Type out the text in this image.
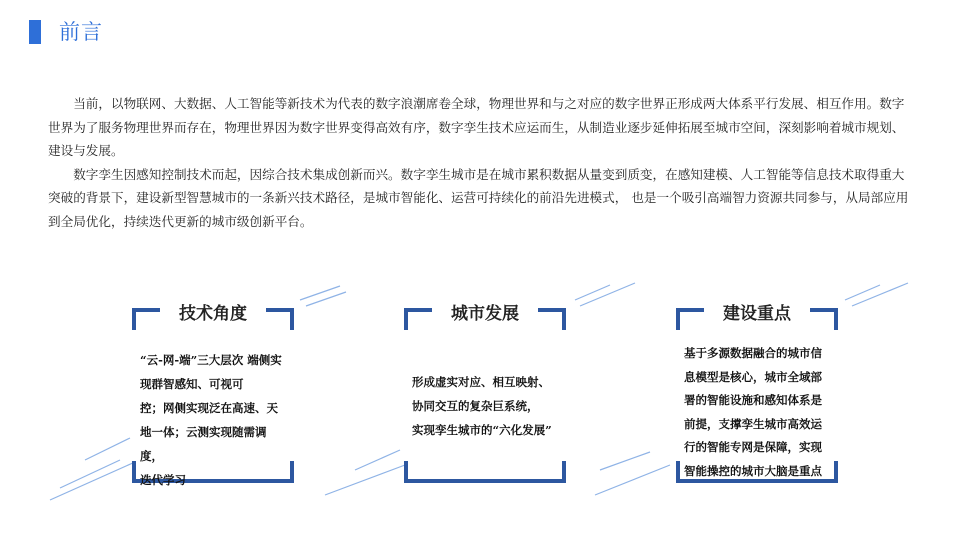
前言

当前，以物联网、大数据、人工智能等新技术为代表的数字浪潮席卷全球，物理世界和与之对应的数字世界正形成两大体系平行发展、相互作用。数字世界为了服务物理世界而存在，物理世界因为数字世界变得高效有序，数字孪生技术应运而生，从制造业逐步延伸拓展至城市空间，深刻影响着城市规划、建设与发展。

数字孪生因感知控制技术而起，因综合技术集成创新而兴。数字孪生城市是在城市累积数据从量变到质变，在感知建模、人工智能等信息技术取得重大突破的背景下，建设新型智慧城市的一条新兴技术路径，是城市智能化、运营可持续化的前沿先进模式， 也是一个吸引高端智力资源共同参与，从局部应用到全局优化，持续迭代更新的城市级创新平台。

技术角度
“云-网-端”三大层次 端侧实
现群智感知、可视可
控；网侧实现泛在高速、天
地一体；云测实现随需调度，
迭代学习
城市发展
形成虚实对应、相互映射、
协同交互的复杂巨系统，
实现孪生城市的“六化发展”
建设重点
基于多源数据融合的城市信
息模型是核心，城市全域部
署的智能设施和感知体系是
前提，支撑孪生城市高效运
行的智能专网是保障，实现
智能操控的城市大脑是重点
